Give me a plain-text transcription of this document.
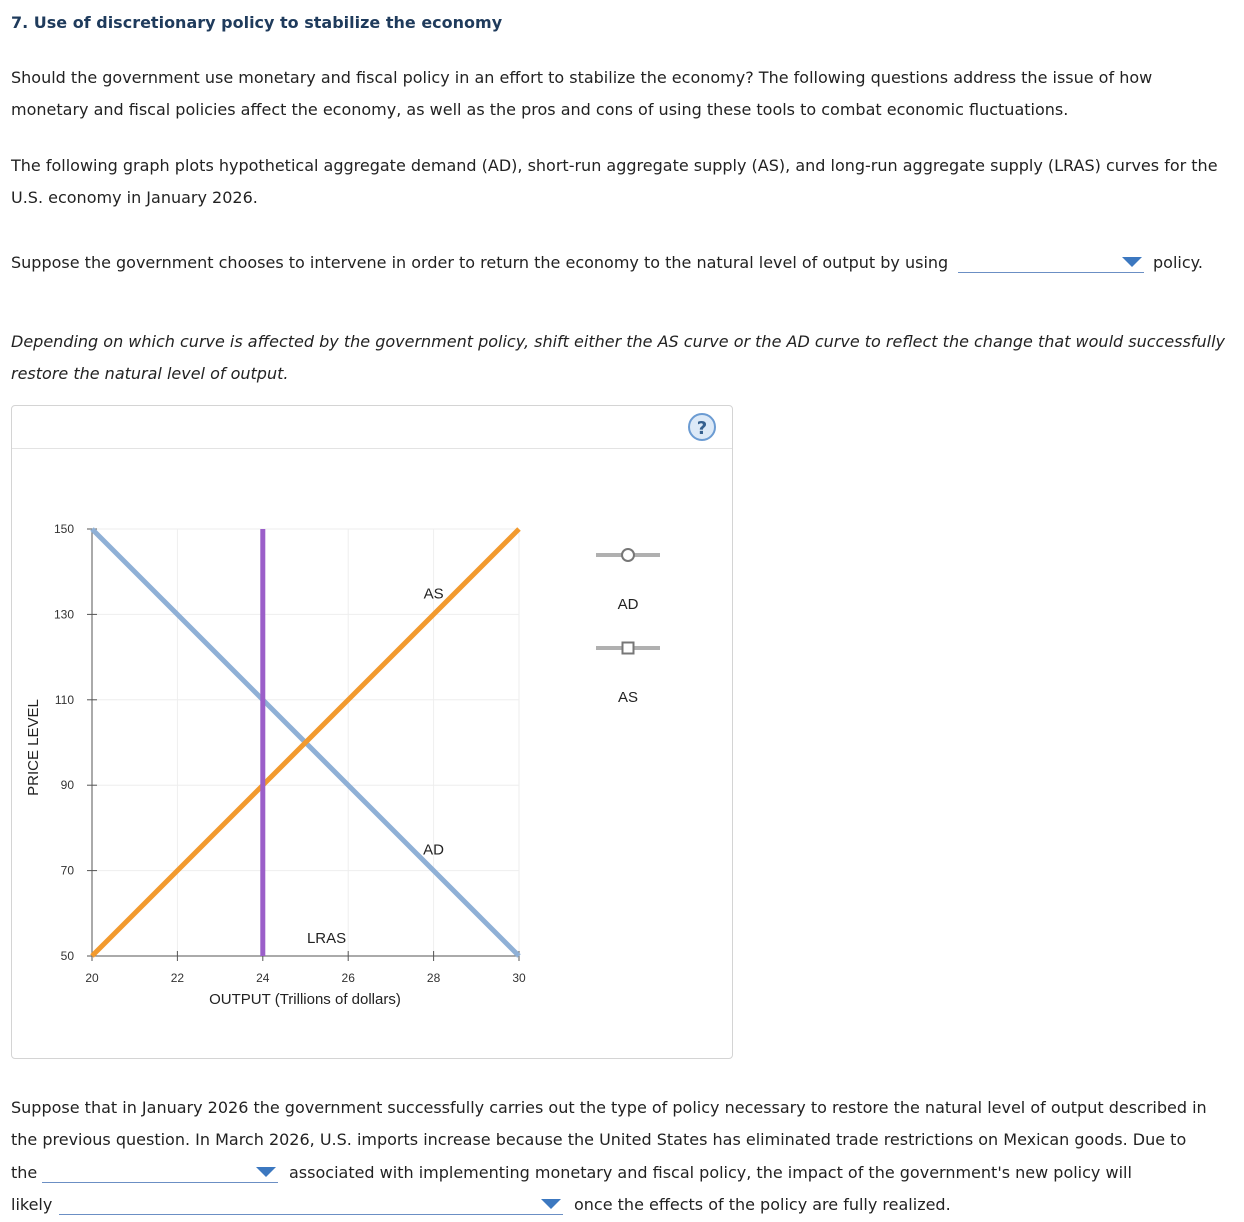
7. Use of discretionary policy to stabilize the economy
Should the government use monetary and fiscal policy in an effort to stabilize the economy? The following questions address the issue of how
monetary and fiscal policies affect the economy, as well as the pros and cons of using these tools to combat economic fluctuations.
The following graph plots hypothetical aggregate demand (AD), short-run aggregate supply (AS), and long-run aggregate supply (LRAS) curves for the
U.S. economy in January 2026.
Suppose the government chooses to intervene in order to return the economy to the natural level of output by using	policy.
Depending on which curve is affected by the government policy, shift either the AS curve or the AD curve to reflect the change that would successfully
restore the natural level of output.
?
20	22	24	26	28	30
50
70
90
110
130
150
OUTPUT (Trillions of dollars)
PRICE LEVEL
AD
AS
LRAS
AD
AS
Suppose that in January 2026 the government successfully carries out the type of policy necessary to restore the natural level of output described in
the previous question. In March 2026, U.S. imports increase because the United States has eliminated trade restrictions on Mexican goods. Due to
the	associated with implementing monetary and fiscal policy, the impact of the government's new policy will
likely	once the effects of the policy are fully realized.
